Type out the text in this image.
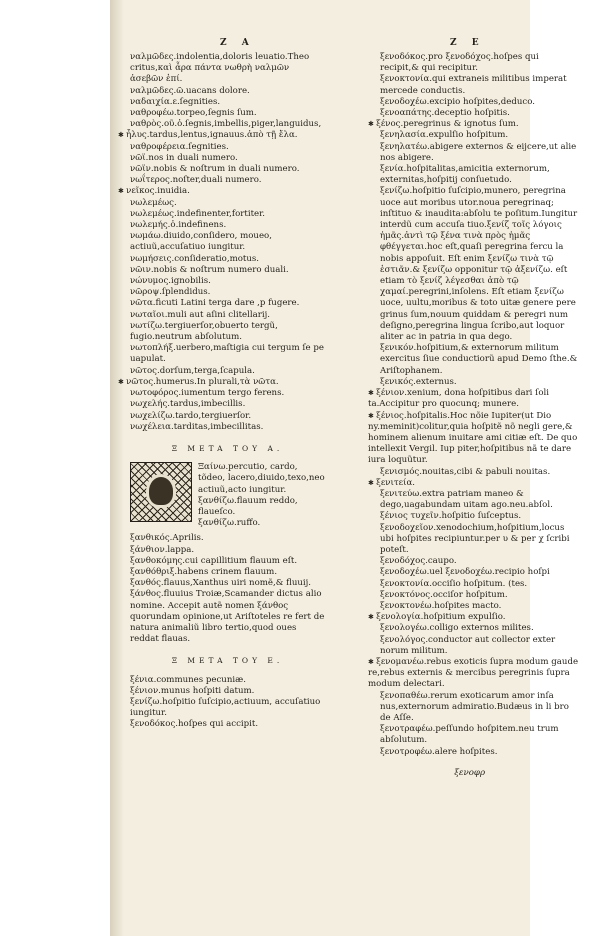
Z A	Z E

ναλμῶδες.indolentia,doloris leuatio.Theo critus,καὶ ἆρα πάντα νωθρὴ ναλμῶν ἀσεβῶν ἐπί.

ναλμῶδες.ῶ.uacans dolore.

ναδαιχία.ε.ſegnities.

ναθροφέω.torpeo,ſegnis ſum.

ναθρὸς.οῦ.ὁ.ſegnis,imbellis,piger,languidus,

✱ ἦλυς.tardus,lentus,ignauus.ἀπὸ τῇ ἔλα.

ναθροφέρεια.ſegnities.

νῶϊ.nos in duali numero.

νῶϊν.nobis & noſtrum in duali numero.

νωΐτερος.noſter,duali numero.

✱ νεῖκος.inuidia.

νωλεμέως.

νωλεμέως.indefinenter,fortiter.

νωλεμής.ὁ.indefinens.

νωμάω.diuido,conſidero, moueo, actiuũ,accuſatiuo iungitur.

νωμήσεις.conſideratio,motus.

νῶιν.nobis & noſtrum numero duali.

νώνυμος.ignobilis.

νῶροψ.ſplendidus.

νῶτα.ficuti Latini terga dare ,p fugere.

νωταῖοι.muli aut aſini clitellarij.

νωτίζω.tergiuerſor,obuerto tergũ, fugio.neutrum abſolutum.

νωτοπλήξ.uerbero,maſtigia cui tergum ſe pe uapulat.

νῶτος.dorſum,terga,ſcapula.

✱ νῶτος.humerus.In plurali,τὰ νῶτα.

νωτοφόρος.iumentum tergo ferens.

νωχελής.tardus,imbecillis.

νωχελίζω.tardo,tergiuerſor.

νωχέλεια.tarditas,imbecillitas.

Ξ META TOY A.

Ξαίνω.percutio, cardo, tõdeo, lacero,diuido,texo,neo actiuũ,acto iungitur.

ξανθίζω.flauum reddo, flaueſco.

ξανθίζω.ruffo.

ξανθικός.Aprilis.

ξάνθιον.lappa.

ξανθοκόμης.cui capillitium flauum eſt.

ξανθόθριξ.habens crinem flauum.

ξανθός.flauus,Xanthus uiri nomẽ,& fluuij.

ξάνθος.fluuius Troiæ,Scamander dictus alio nomine. Accepit autẽ nomen ξάνθος quorundam opinione,ut Ariſtoteles re fert de natura animaliũ libro tertio,quod oues reddat flauas.

Ξ META TOY E.

ξένια.communes pecuniæ.

ξένιον.munus hoſpiti datum.

ξενίζω.hoſpitio ſuſcipio,actiuum, accuſatiuo iungitur.

ξενοδόκος.hoſpes qui accipit.

ξενοδόκος.pro ξενοδόχος.hoſpes qui recipit,& qui recipitur.

ξενοκτονία.qui extraneis militibus imperat mercede conductis.

ξενοδοχέω.excipio hoſpites,deduco.

ξενοαπάτης.deceptio hoſpitis.

✱ ξένος.peregrinus & ignotus ſum.

ξενηλασία.expulſio hoſpitum.

ξενηλατέω.abigere externos & eijcere,ut alie nos abigere.

ξενία.hoſpitalitas,amicitia externorum, externitas,hoſpitij conſuetudo.

ξενίζω.hoſpitio ſuſcipio,munero, peregrina uoce aut moribus utor.noua peregrinaq; inſtituo & inaudita:abſolu te poſitum.Iungitur interdũ cum accuſa tiuo.ξενίζ τοῖς λόγοις ἡμᾶς.ἀντὶ τῷ ξένα τινὰ πρὸς ἡμᾶς φθέγγεται.hoc eſt,quaſi peregrina fercu la nobis appoſuit. Eſt enim ξενίζω τινὰ τῷ ἑστιᾶν.& ξενίζω opponitur τῷ ἀξενίζω. eſt etiam τὸ ξενίζ λέγεσθαι ἀπὸ τῷ χαμαί.peregrini,inſolens. Eſt etiam ξενίζω uoce, uultu,moribus & toto uitæ genere pere grinus ſum,nouum quiddam & peregri num deſigno,peregrina lingua ſcribo,aut loquor aliter ac in patria in qua dego.

ξενικόν.hoſpitium,& externorum militum exercitus ſiue conductiorũ apud Demo ſthe.& Ariſtophanem.

ξενικός.externus.

✱ ξένιον.xenium, dona hoſpitibus dari ſoli ta.Accipitur pro quocunq; munere.

✱ ξένιος.hoſpitalis.Hoc nõie Iupiter(ut Dio ny.meminit)colitur,quia hoſpitẽ nõ negli gere,& hominem alienum inuitare ami citiæ eſt. De quo intellexit Vergil. Iup piter,hoſpitibus nã te dare iura loquũtur.

ξενισμός.nouitas,cibi & pabuli nouitas.

✱ ξενιτεία.

ξενιτεύω.extra patriam maneo & dego,uagabundam uitam ago.neu.abſol.

ξένιος τυχεῖν.hoſpitio ſuſceptus.

ξενοδοχεῖον.xenodochium,hoſpitium,locus ubi hoſpites recipiuntur.per υ & per χ ſcribi poteſt.

ξενοδόχος.caupo.

ξενοδοχέω.uel ξενοδοχέω.recipio hoſpi

ξενοκτονία.occiſio hoſpitum. (tes.

ξενοκτόνος.occiſor hoſpitum.

ξενοκτονέω.hoſpites macto.

✱ ξενολογία.hoſpitium expulſio.

ξενολογέω.colligo externos milites.

ξενολόγος.conductor aut collector exter norum militum.

✱ ξενομανέω.rebus exoticis ſupra modum gaude re,rebus externis & mercibus peregrinis ſupra modum delectari.

ξενοπαθέω.rerum exoticarum amor inſa nus,externorum admiratio.Budæus in li bro de Aſſe.

ξενοτραφέω.peſſundo hoſpitem.neu trum abſolutum.

ξενοτροφέω.alere hoſpites.

ξενοφρ
